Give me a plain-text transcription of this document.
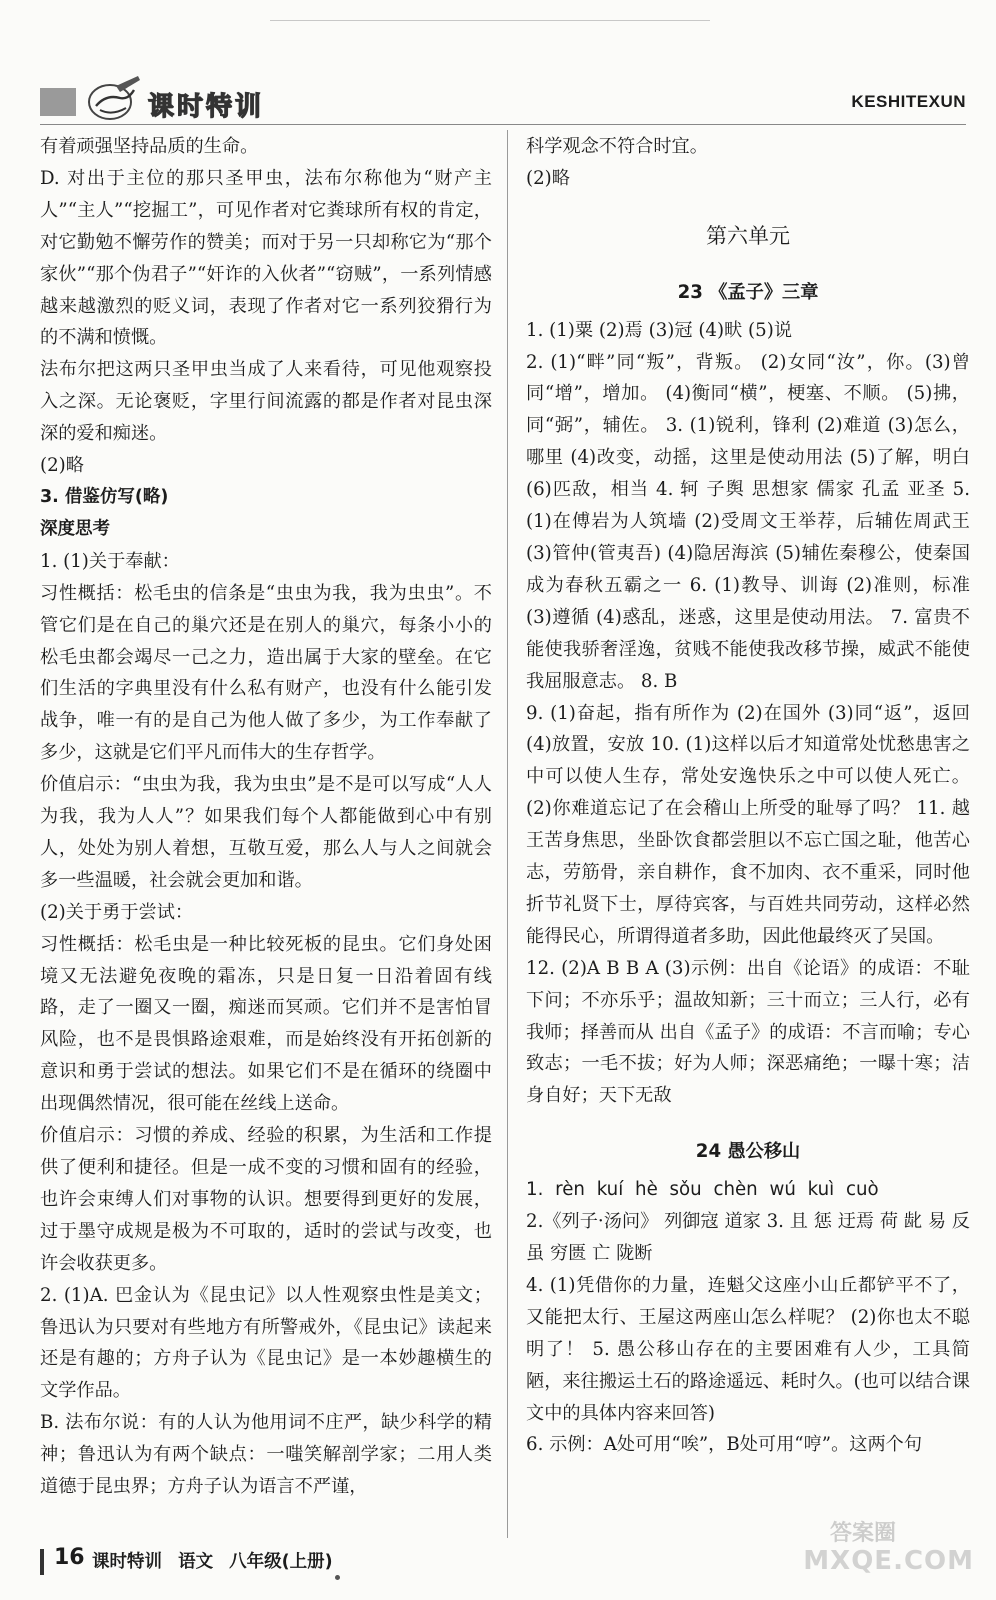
课时特训	KESHITEXUN

有着顽强坚持品质的生命。

D. 对出于主位的那只圣甲虫，法布尔称他为“财产主人”“主人”“挖掘工”，可见作者对它粪球所有权的肯定，对它勤勉不懈劳作的赞美；而对于另一只却称它为“那个家伙”“那个伪君子”“奸诈的入伙者”“窃贼”，一系列情感越来越激烈的贬义词，表现了作者对它一系列狡猾行为的不满和愤慨。

法布尔把这两只圣甲虫当成了人来看待，可见他观察投入之深。无论褒贬，字里行间流露的都是作者对昆虫深深的爱和痴迷。

(2)略

3. 借鉴仿写(略)

深度思考

1. (1)关于奉献：

习性概括：松毛虫的信条是“虫虫为我，我为虫虫”。不管它们是在自己的巢穴还是在别人的巢穴，每条小小的松毛虫都会竭尽一己之力，造出属于大家的壁垒。在它们生活的字典里没有什么私有财产，也没有什么能引发战争，唯一有的是自己为他人做了多少，为工作奉献了多少，这就是它们平凡而伟大的生存哲学。

价值启示：“虫虫为我，我为虫虫”是不是可以写成“人人为我，我为人人”？如果我们每个人都能做到心中有别人，处处为别人着想，互敬互爱，那么人与人之间就会多一些温暖，社会就会更加和谐。

(2)关于勇于尝试：

习性概括：松毛虫是一种比较死板的昆虫。它们身处困境又无法避免夜晚的霜冻，只是日复一日沿着固有线路，走了一圈又一圈，痴迷而冥顽。它们并不是害怕冒风险，也不是畏惧路途艰难，而是始终没有开拓创新的意识和勇于尝试的想法。如果它们不是在循环的绕圈中出现偶然情况，很可能在丝线上送命。

价值启示：习惯的养成、经验的积累，为生活和工作提供了便利和捷径。但是一成不变的习惯和固有的经验，也许会束缚人们对事物的认识。想要得到更好的发展，过于墨守成规是极为不可取的，适时的尝试与改变，也许会收获更多。

2. (1)A. 巴金认为《昆虫记》以人性观察虫性是美文；鲁迅认为只要对有些地方有所警戒外，《昆虫记》读起来还是有趣的；方舟子认为《昆虫记》是一本妙趣横生的文学作品。

B. 法布尔说：有的人认为他用词不庄严，缺少科学的精神；鲁迅认为有两个缺点：一嗤笑解剖学家；二用人类道德于昆虫界；方舟子认为语言不严谨，

科学观念不符合时宜。

(2)略

第六单元

23 《孟子》三章

1. (1)粟 (2)焉 (3)冠 (4)畎 (5)说

2. (1)“畔”同“叛”，背叛。 (2)女同“汝”，你。(3)曾同“增”，增加。 (4)衡同“横”，梗塞、不顺。 (5)拂，同“弼”，辅佐。 3. (1)锐利，锋利 (2)难道 (3)怎么，哪里 (4)改变，动摇，这里是使动用法 (5)了解，明白 (6)匹敌，相当 4. 轲 子舆 思想家 儒家 孔孟 亚圣 5. (1)在傅岩为人筑墙 (2)受周文王举荐，后辅佐周武王 (3)管仲(管夷吾) (4)隐居海滨 (5)辅佐秦穆公，使秦国成为春秋五霸之一 6. (1)教导、训诲 (2)准则，标准 (3)遵循 (4)惑乱，迷惑，这里是使动用法。 7. 富贵不能使我骄奢淫逸，贫贱不能使我改移节操，威武不能使我屈服意志。 8. B

9. (1)奋起，指有所作为 (2)在国外 (3)同“返”，返回 (4)放置，安放 10. (1)这样以后才知道常处忧愁患害之中可以使人生存，常处安逸快乐之中可以使人死亡。 (2)你难道忘记了在会稽山上所受的耻辱了吗？ 11. 越王苦身焦思，坐卧饮食都尝胆以不忘亡国之耻，他苦心志，劳筋骨，亲自耕作，食不加肉、衣不重采，同时他折节礼贤下士，厚待宾客，与百姓共同劳动，这样必然能得民心，所谓得道者多助，因此他最终灭了吴国。

12. (2)A B B A (3)示例：出自《论语》的成语：不耻下问；不亦乐乎；温故知新；三十而立；三人行，必有我师；择善而从 出自《孟子》的成语：不言而喻；专心致志；一毛不拔；好为人师；深恶痛绝；一曝十寒；洁身自好；天下无敌

24 愚公移山

1. rèn kuí hè sǒu chèn wú kuì cuò

2.《列子·汤问》 列御寇 道家 3. 且 惩 迂焉 荷 龀 易 反 虽 穷匮 亡 陇断

4. (1)凭借你的力量，连魁父这座小山丘都铲平不了，又能把太行、王屋这两座山怎么样呢？ (2)你也太不聪明了！ 5. 愚公移山存在的主要困难有人少，工具简陋，来往搬运土石的路途遥远、耗时久。(也可以结合课文中的具体内容来回答)

6. 示例：A处可用“唉”，B处可用“哼”。这两个句

16 课时特训 语文 八年级(上册)
答案圈
MXQE.COM
